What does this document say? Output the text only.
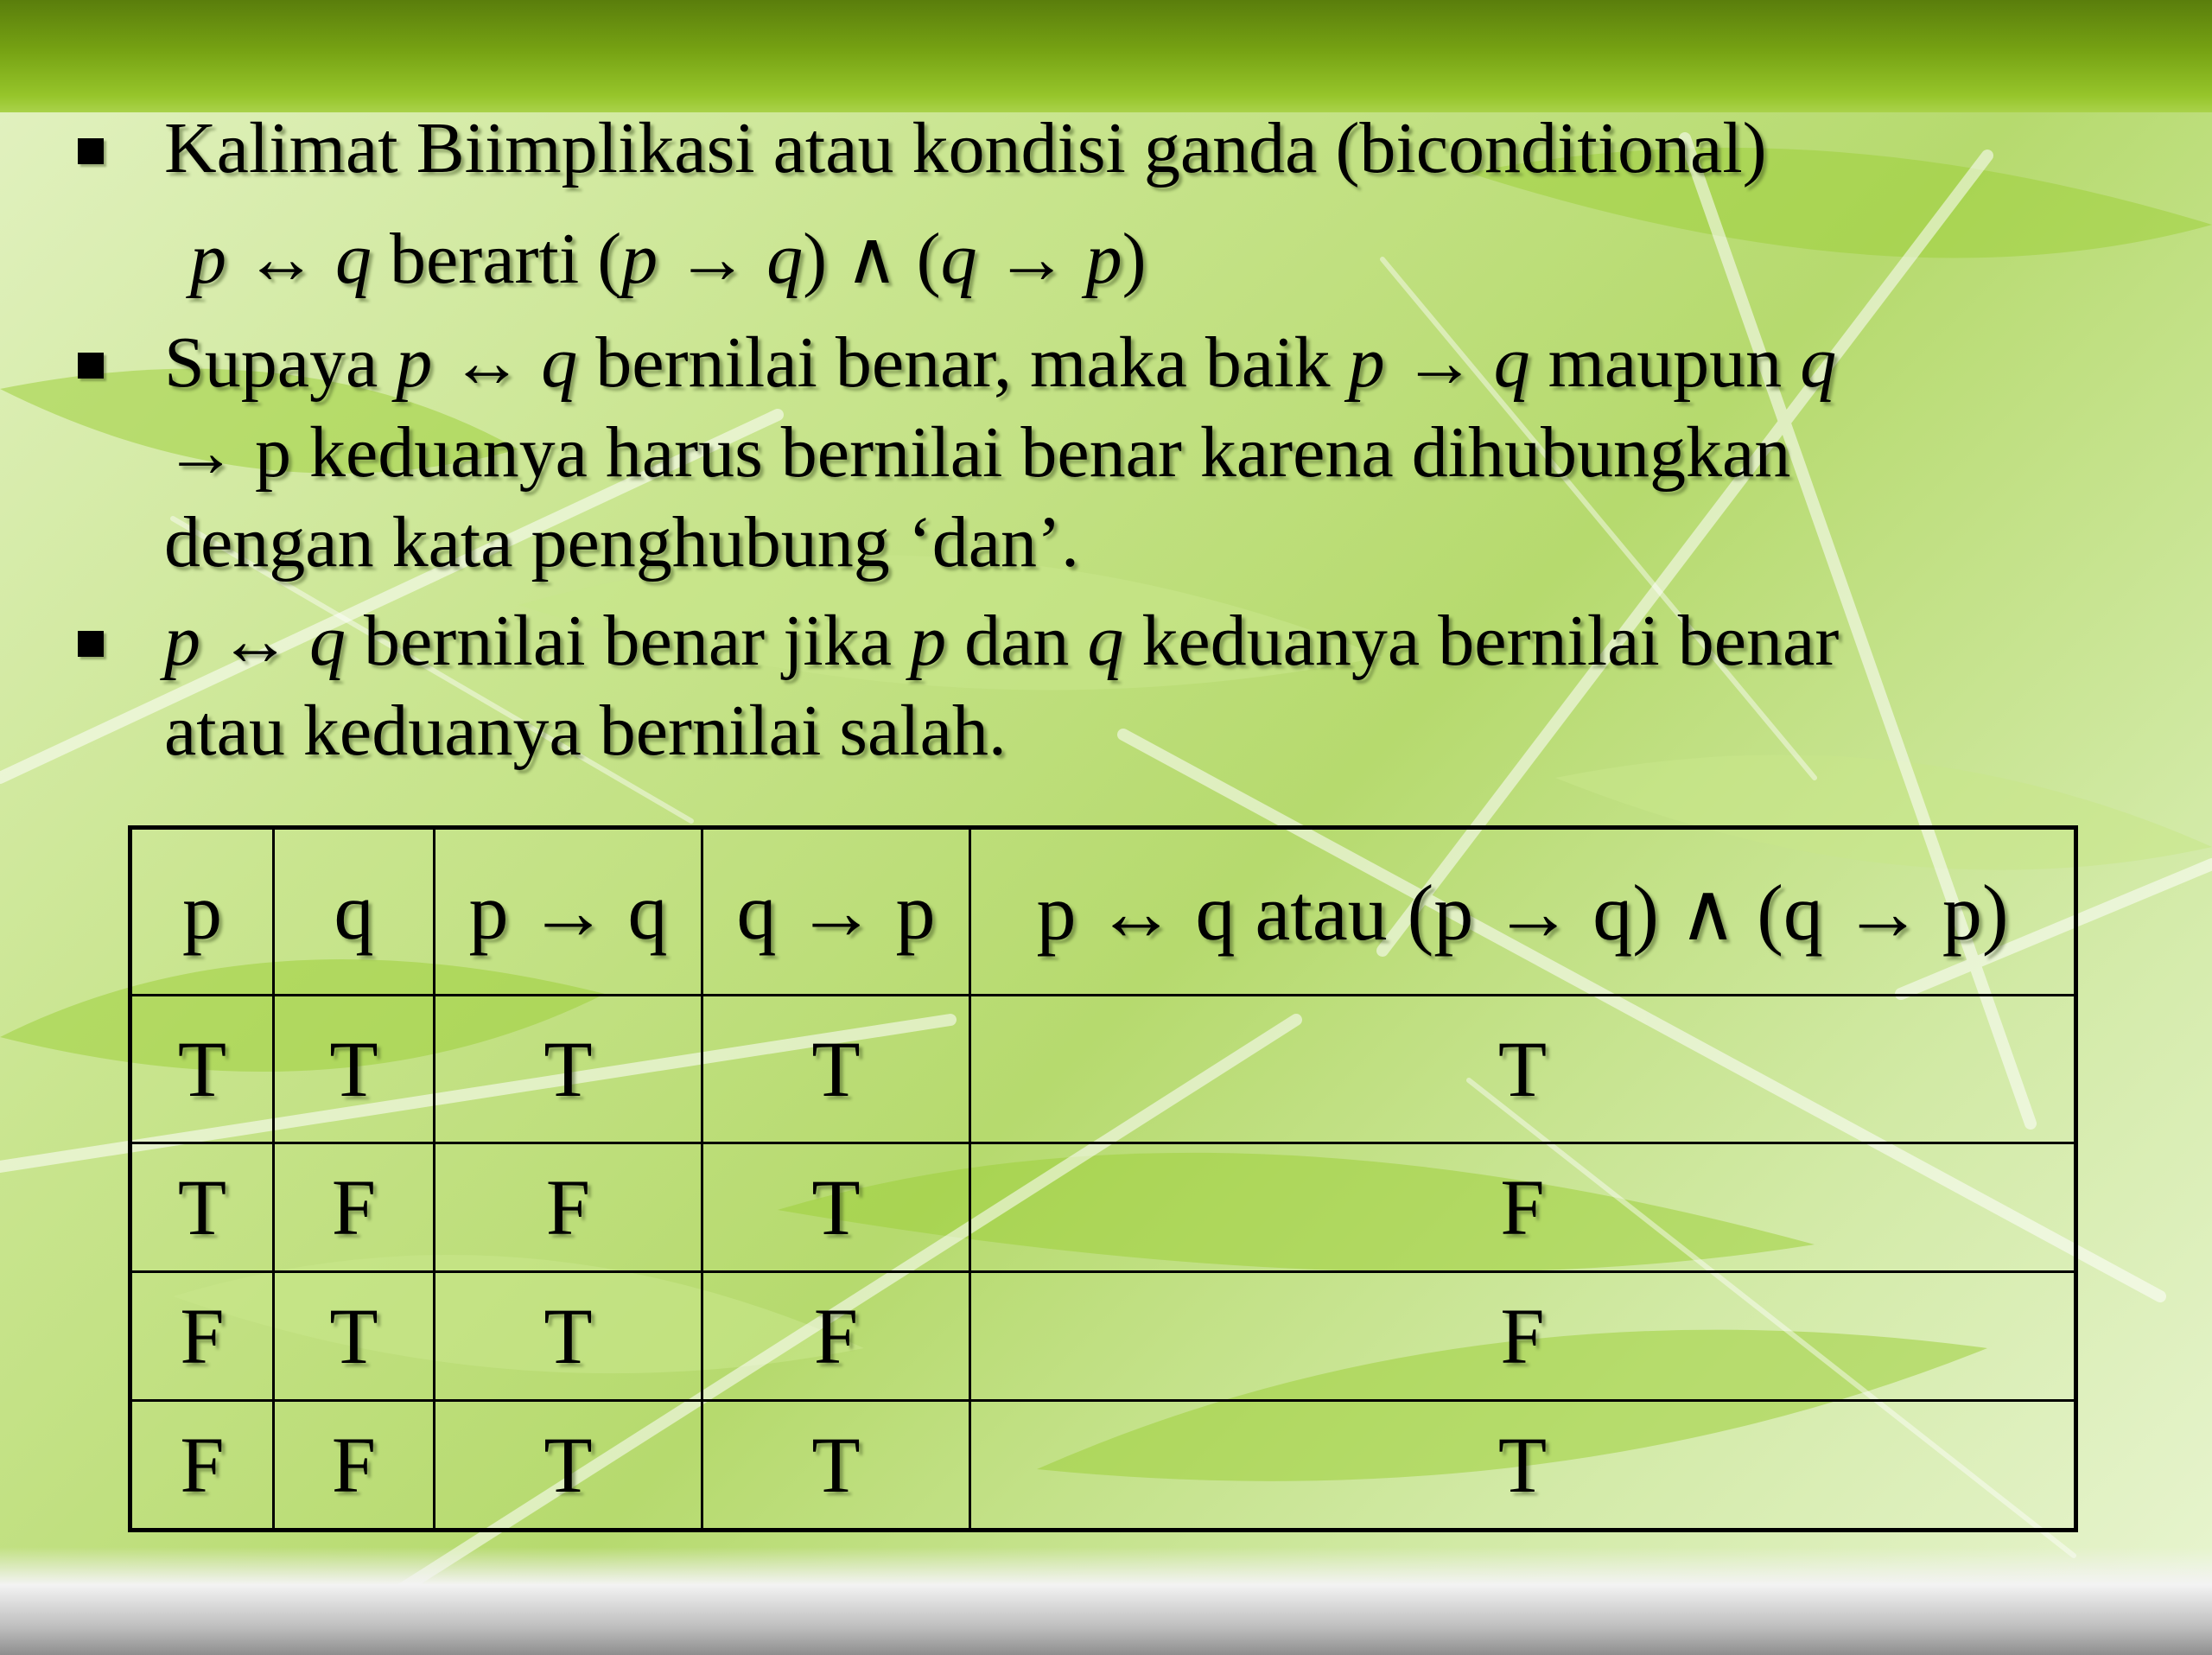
Kalimat Biimplikasi atau kondisi ganda (biconditional)

p ↔ q berarti (p → q) ∧ (q → p)

Supaya p ↔ q bernilai benar, maka baik p → q maupun q

→ p keduanya harus bernilai benar karena dihubungkan

dengan kata penghubung ‘dan’.

p ↔ q bernilai benar jika p dan q keduanya bernilai benar

atau keduanya bernilai salah.

p	q	p → q	q → p	p ↔ q atau (p → q) ∧ (q → p)
T	T	T	T	T
T	F	F	T	F
F	T	T	F	F
F	F	T	T	T
